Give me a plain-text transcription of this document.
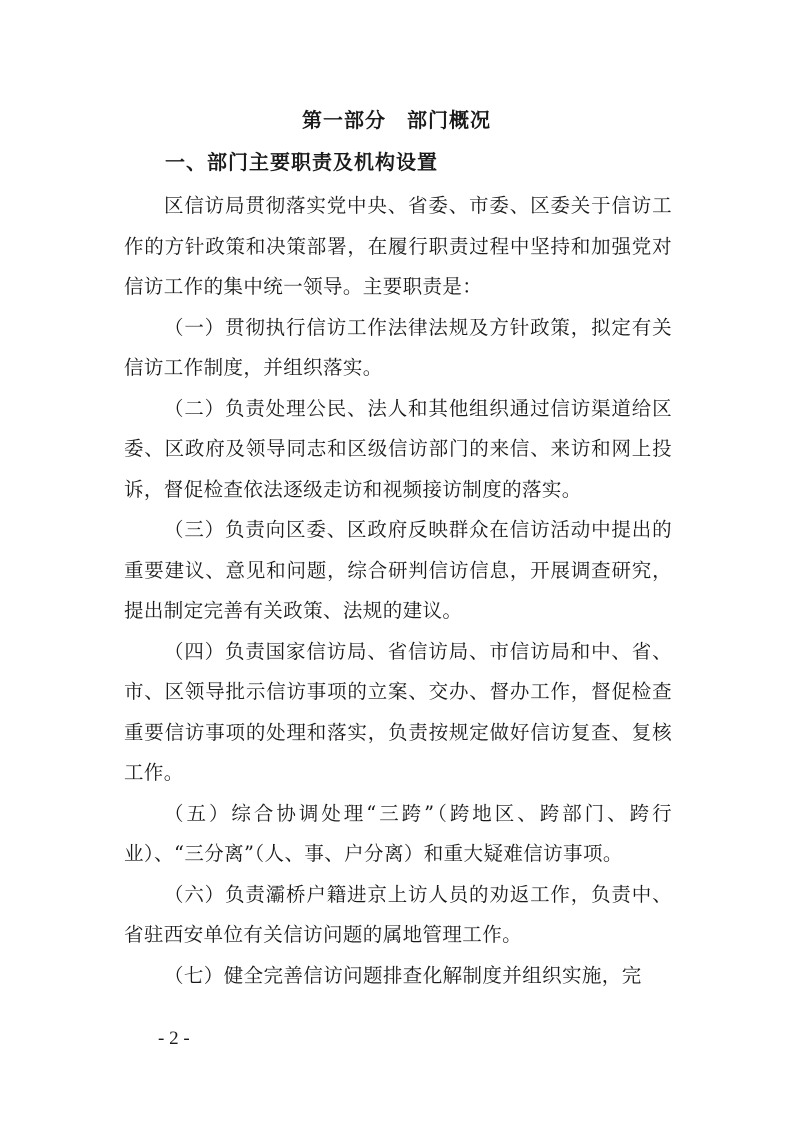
第一部分　部门概况
一、部门主要职责及机构设置

区信访局贯彻落实党中央、省委、市委、区委关于信访工作的方针政策和决策部署，在履行职责过程中坚持和加强党对信访工作的集中统一领导。主要职责是：

（一）贯彻执行信访工作法律法规及方针政策，拟定有关信访工作制度，并组织落实。

（二）负责处理公民、法人和其他组织通过信访渠道给区委、区政府及领导同志和区级信访部门的来信、来访和网上投诉，督促检查依法逐级走访和视频接访制度的落实。

（三）负责向区委、区政府反映群众在信访活动中提出的重要建议、意见和问题，综合研判信访信息，开展调查研究，提出制定完善有关政策、法规的建议。

（四）负责国家信访局、省信访局、市信访局和中、省、市、区领导批示信访事项的立案、交办、督办工作，督促检查重要信访事项的处理和落实，负责按规定做好信访复查、复核工作。

（五）综合协调处理“三跨”（跨地区、跨部门、跨行业）、“三分离”（人、事、户分离）和重大疑难信访事项。

（六）负责灞桥户籍进京上访人员的劝返工作，负责中、省驻西安单位有关信访问题的属地管理工作。

（七）健全完善信访问题排查化解制度并组织实施，完

- 2 -
